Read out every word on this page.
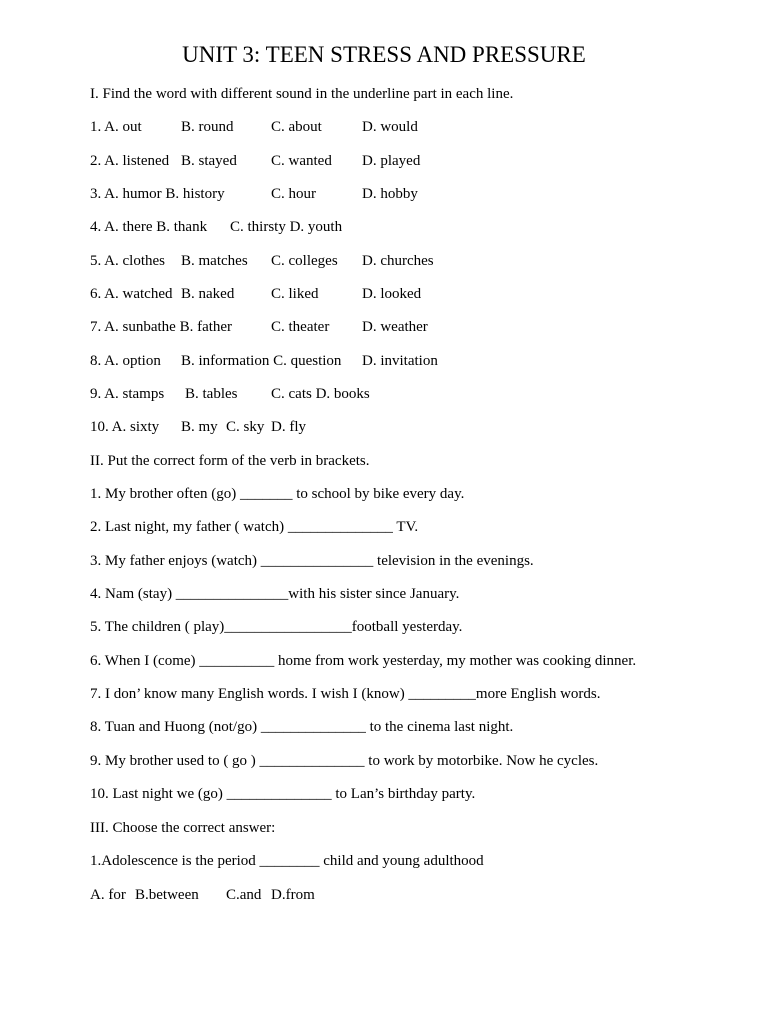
UNIT 3: TEEN STRESS AND PRESSURE
I. Find the word with different sound in the underline part in each line.
1. A. out	B. round	C. about	D. would
2. A. listened B. stayed C. wanted D. played
3. A. humor B. history	C. hour	D. hobby
4. A. there B. thank C. thirsty D. youth
5. A. clothes B. matches C. colleges D. churches
6. A. watched B. naked C. liked	D. looked
7. A. sunbathe B. father	C. theater D. weather
8. A. option B. information C. question D. invitation
9. A. stamps B. tables C. cats D. books
10. A. sixty B. my C. sky D. fly
II. Put the correct form of the verb in brackets.
1. My brother often (go) _______ to school by bike every day.
2. Last night, my father ( watch) ______________ TV.
3. My father enjoys (watch) _______________ television in the evenings.
4. Nam (stay) _______________with his sister since January.
5. The children ( play)_________________football yesterday.
6. When I (come) __________ home from work yesterday, my mother was cooking dinner.
7. I don’ know many English words. I wish I (know) _________more English words.
8. Tuan and Huong (not/go) ______________ to the cinema last night.
9. My brother used to ( go ) ______________ to work by motorbike. Now he cycles.
10. Last night we (go) ______________ to Lan’s birthday party.
III. Choose the correct answer:
1.Adolescence is the period ________ child and young adulthood
A. for B.between C.and D.from
